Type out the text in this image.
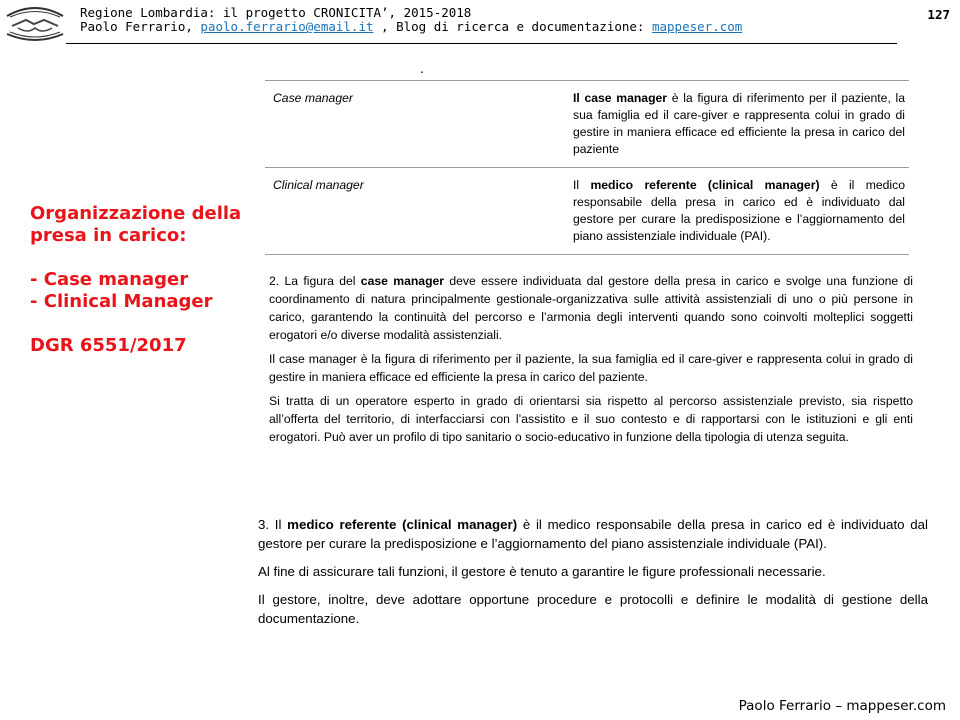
Regione Lombardia: il progetto CRONICITA’, 2015-2018
Paolo Ferrario, paolo.ferrario@email.it , Blog di ricerca e documentazione: mappeser.com
127
.
Organizzazione della
presa in carico:
- Case manager
- Clinical Manager
DGR 6551/2017
Case manager	Il case manager è la figura di riferimento per il paziente, la sua famiglia ed il care-giver e rappresenta colui in grado di gestire in maniera efficace ed efficiente la presa in carico del paziente
Clinical manager	Il medico referente (clinical manager) è il medico responsabile della presa in carico ed è individuato dal gestore per curare la predisposizione e l’aggiornamento del piano assistenziale individuale (PAI).

2. La figura del case manager deve essere individuata dal gestore della presa in carico e svolge una funzione di coordinamento di natura principalmente gestionale-organizzativa sulle attività assistenziali di uno o più persone in carico, garantendo la continuità del percorso e l’armonia degli interventi quando sono coinvolti molteplici soggetti erogatori e/o diverse modalità assistenziali.

Il case manager è la figura di riferimento per il paziente, la sua famiglia ed il care-giver e rappresenta colui in grado di gestire in maniera efficace ed efficiente la presa in carico del paziente.

Si tratta di un operatore esperto in grado di orientarsi sia rispetto al percorso assistenziale previsto, sia rispetto all’offerta del territorio, di interfacciarsi con l’assistito e il suo contesto e di rapportarsi con le istituzioni e gli enti erogatori. Può aver un profilo di tipo sanitario o socio-educativo in funzione della tipologia di utenza seguita.

3. Il medico referente (clinical manager) è il medico responsabile della presa in carico ed è individuato dal gestore per curare la predisposizione e l’aggiornamento del piano assistenziale individuale (PAI).

Al fine di assicurare tali funzioni, il gestore è tenuto a garantire le figure professionali necessarie.

Il gestore, inoltre, deve adottare opportune procedure e protocolli e definire le modalità di gestione della documentazione.

Paolo Ferrario – mappeser.com
